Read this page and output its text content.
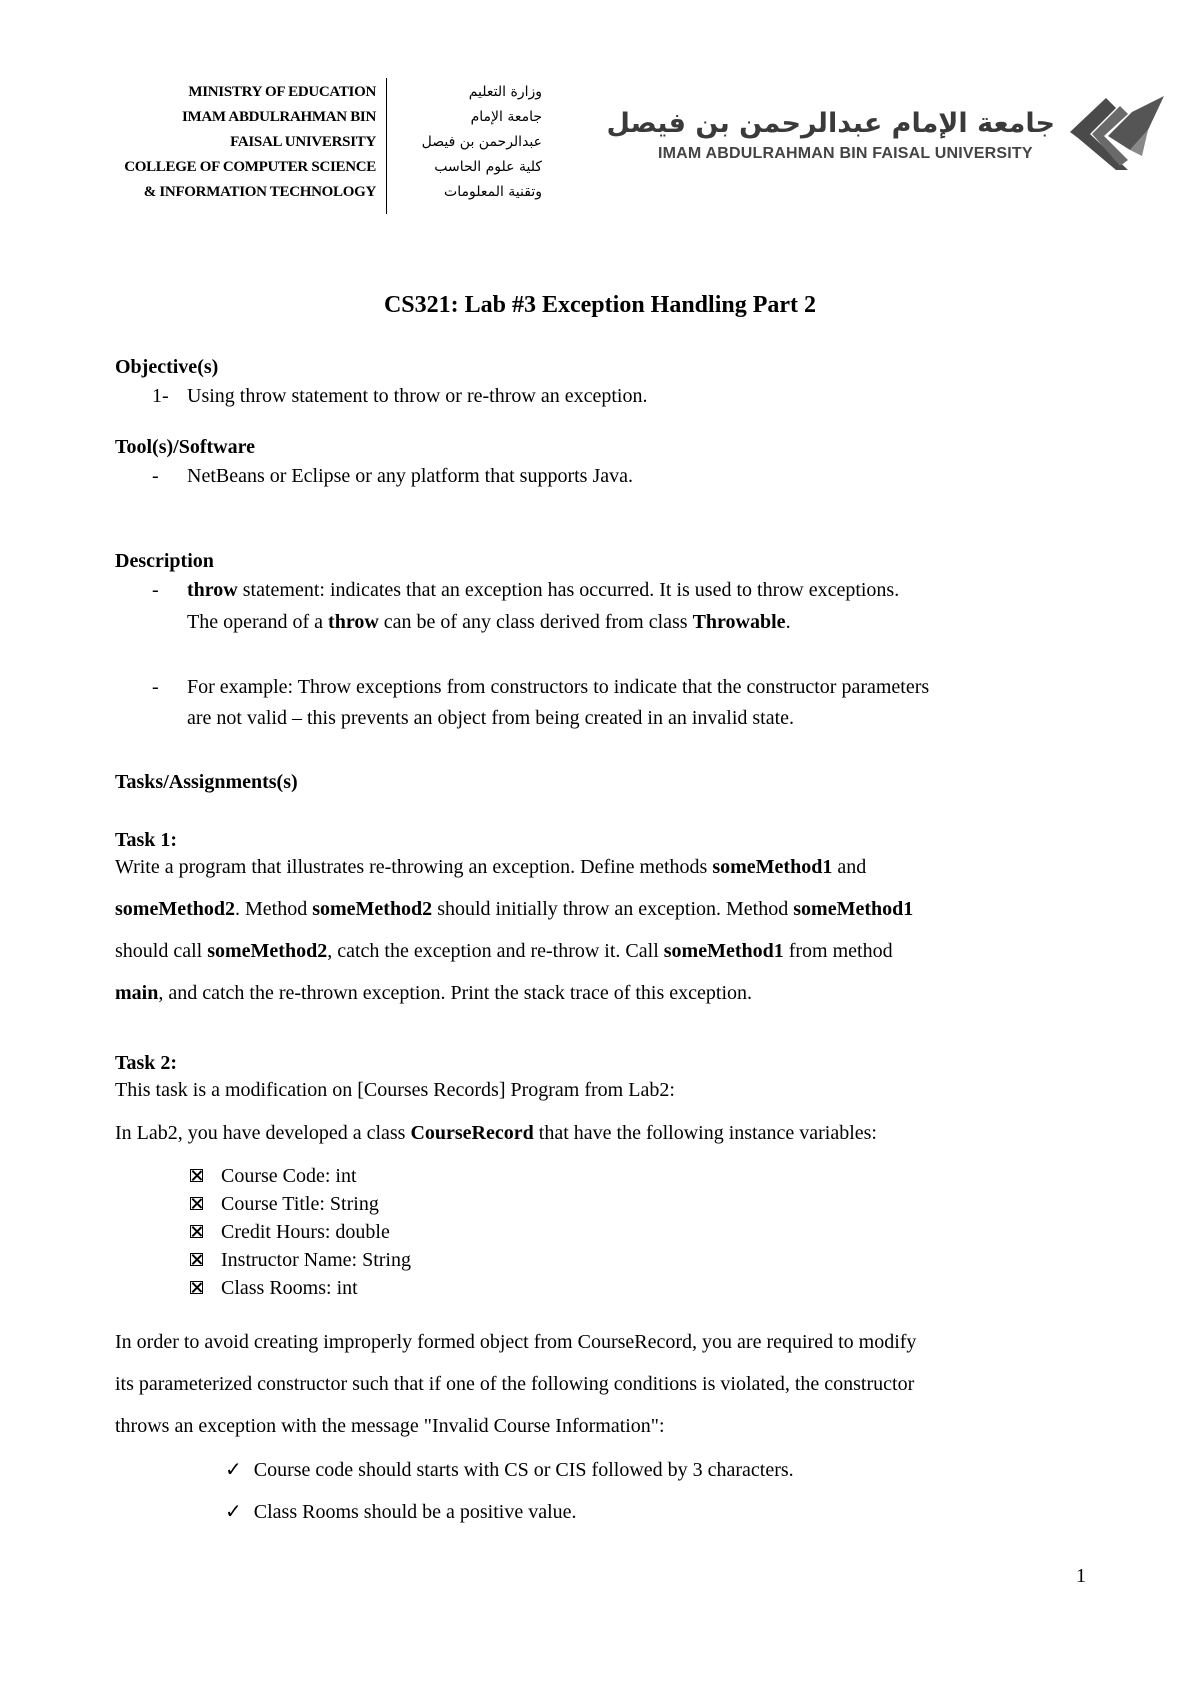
MINISTRY OF EDUCATION
IMAM ABDULRAHMAN BIN
FAISAL UNIVERSITY
COLLEGE OF COMPUTER SCIENCE
& INFORMATION TECHNOLOGY
وزارة التعليم
جامعة الإمام
عبدالرحمن بن فيصل
كلية علوم الحاسب
وتقنية المعلومات
جامعة الإمام عبدالرحمن بن فيصل
IMAM ABDULRAHMAN BIN FAISAL UNIVERSITY
CS321: Lab #3 Exception Handling Part 2
Objective(s)
1- Using throw statement to throw or re-throw an exception.
Tool(s)/Software
- NetBeans or Eclipse or any platform that supports Java.
Description
- throw statement: indicates that an exception has occurred. It is used to throw exceptions.
The operand of a throw can be of any class derived from class Throwable.
- For example: Throw exceptions from constructors to indicate that the constructor parameters
are not valid – this prevents an object from being created in an invalid state.
Tasks/Assignments(s)
Task 1:
Write a program that illustrates re-throwing an exception. Define methods someMethod1 and
someMethod2. Method someMethod2 should initially throw an exception. Method someMethod1
should call someMethod2, catch the exception and re-throw it. Call someMethod1 from method
main, and catch the re-thrown exception. Print the stack trace of this exception.
Task 2:
This task is a modification on [Courses Records] Program from Lab2:
In Lab2, you have developed a class CourseRecord that have the following instance variables:
Course Code: int
Course Title: String
Credit Hours: double
Instructor Name: String
Class Rooms: int
In order to avoid creating improperly formed object from CourseRecord, you are required to modify
its parameterized constructor such that if one of the following conditions is violated, the constructor
throws an exception with the message "Invalid Course Information":
✓ Course code should starts with CS or CIS followed by 3 characters.
✓ Class Rooms should be a positive value.
1
